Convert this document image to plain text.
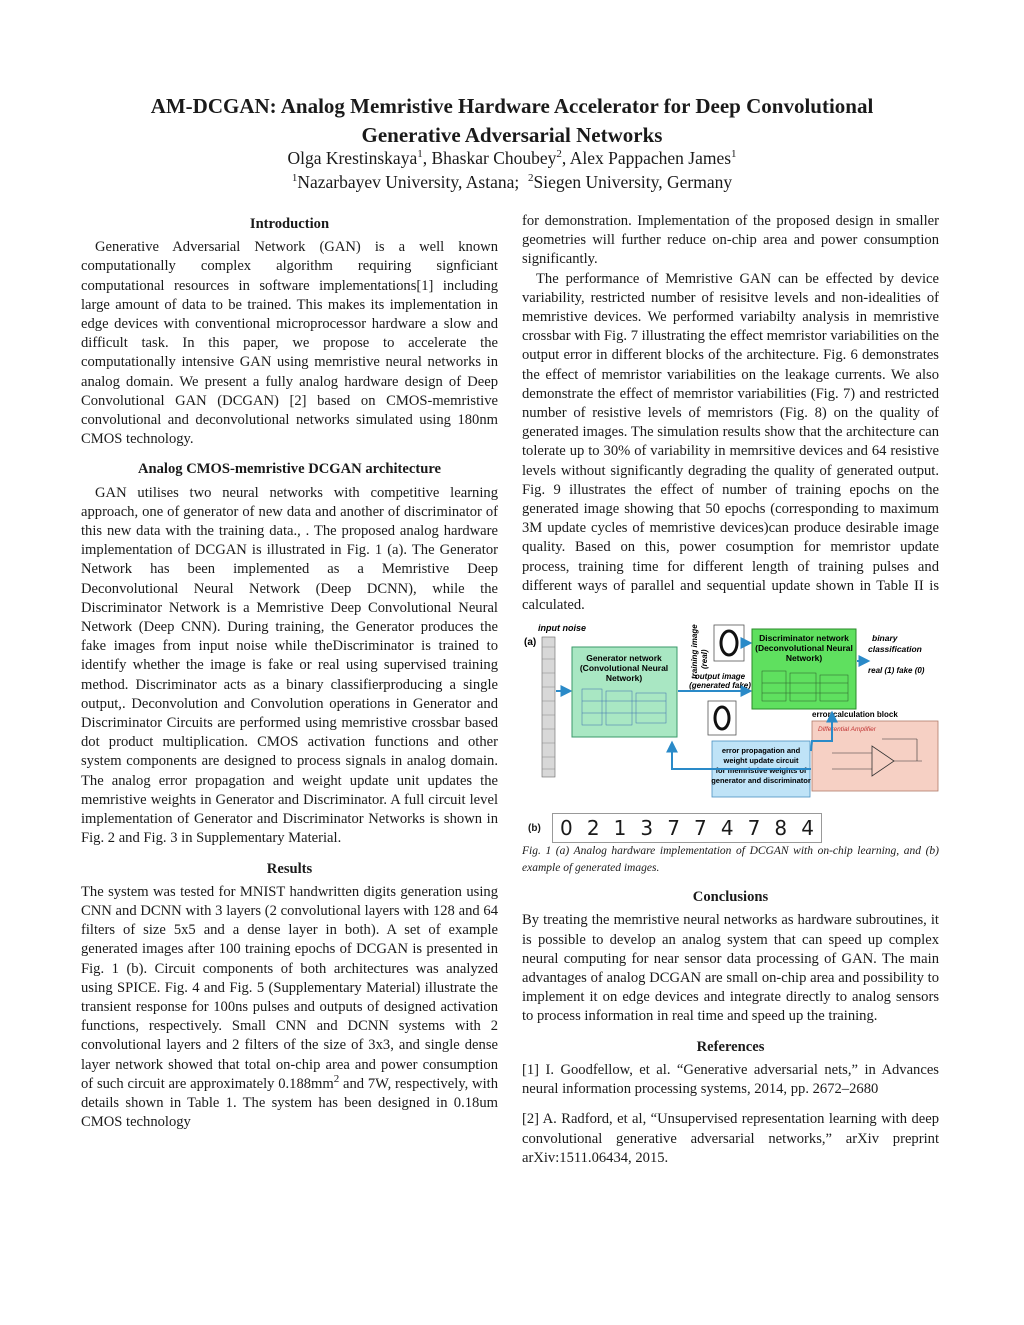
AM-DCGAN: Analog Memristive Hardware Accelerator for Deep Convolutional
Generative Adversarial Networks
Olga Krestinskaya$^1$, Bhaskar Choubey$^2$, Alex Pappachen James$^1$
$^1$Nazarbayev University, Astana; $^2$Siegen University, Germany
Introduction

Generative Adversarial Network (GAN) is a well known computationally complex algorithm requiring signficiant computational resources in software implementations[1] including large amount of data to be trained. This makes its implementation in edge devices with conventional microprocessor hardware a slow and difficult task. In this paper, we propose to accelerate the computationally intensive GAN using memristive neural networks in analog domain. We present a fully analog hardware design of Deep Convolutional GAN (DCGAN) [2] based on CMOS-memristive convolutional and deconvolutional networks simulated using 180nm CMOS technology.

Analog CMOS-memristive DCGAN architecture

GAN utilises two neural networks with competitive learning approach, one of generator of new data and another of discriminator of this new data with the training data., . The proposed analog hardware implementation of DCGAN is illustrated in Fig. 1 (a). The Generator Network has been implemented as a Memristive Deep Deconvolutional Neural Network (Deep DCNN), while the Discriminator Network is a Memristive Deep Convolutional Neural Network (Deep CNN). During training, the Generator produces the fake images from input noise while theDiscriminator is trained to identify whether the image is fake or real using supervised training method. Discriminator acts as a binary classifierproducing a single output,. Deconvolution and Convolution operations in Generator and Discriminator Circuits are performed using memristive crossbar based dot product multiplication. CMOS activation functions and other system components are designed to process signals in analog domain. The analog error propagation and weight update unit updates the memristive weights in Generator and Discriminator. A full circuit level implementation of Generator and Discriminator Networks is shown in Fig. 2 and Fig. 3 in Supplementary Material.

Results

The system was tested for MNIST handwritten digits generation using CNN and DCNN with 3 layers (2 convolutional layers with 128 and 64 filters of size 5x5 and a dense layer in both). A set of example generated images after 100 training epochs of DCGAN is presented in Fig. 1 (b). Circuit components of both architectures was analyzed using SPICE. Fig. 4 and Fig. 5 (Supplementary Material) illustrate the transient response for 100ns pulses and outputs of designed activation functions, respectively. Small CNN and DCNN systems with 2 convolutional layers and 2 filters of the size of 3x3, and single dense layer network showed that total on-chip area and power consumption of such circuit are approximately $0.188mm^2$ and 7W, respectively, with details shown in Table 1. The system has been designed in 0.18um CMOS technology

for demonstration. Implementation of the proposed design in smaller geometries will further reduce on-chip area and power consumption significantly.

The performance of Memristive GAN can be effected by device variability, restricted number of resisitve levels and non-idealities of memristive devices. We performed variabilty analysis in memristive crossbar with Fig. 7 illustrating the effect memristor variabilities on the output error in different blocks of the architecture. Fig. 6 demonstrates the effect of memristor variabilities on the leakage currents. We also demonstrate the effect of memristor variabilities (Fig. 7) and restricted number of resistive levels of memristors (Fig. 8) on the quality of generated images. The simulation results show that the architecture can tolerate up to 30% of variability in memrsitive devices and 64 resistive levels without significantly degrading the quality of generated output. Fig. 9 illustrates the effect of number of training epochs on the generated image showing that 50 epochs (corresponding to maximum 3M update cycles of memristive devices)can produce desirable image quality. Based on this, power cosumption for memristor update process, training time for different length of training pulses and different ways of parallel and sequential update shown in Table II is calculated.

(a)
input noise
Generator network
(Convolutional Neural
Network)	training image (real)
output image
(generated fake)
Discriminator network
(Deconvolutional Neural
Network)
binary
classification
real (1) fake (0)
error calculation block
Differential Amplifier
error propagation and
weight update circuit
for memristive weights of
generator and discriminator
(b) 0 2 1 3 7 7 4 7 8 4

Fig. 1 (a) Analog hardware implementation of DCGAN with on-chip learning, and (b) example of generated images.

Conclusions

By treating the memristive neural networks as hardware subroutines, it is possible to develop an analog system that can speed up complex neural computing for near sensor data processing of GAN. The main advantages of analog DCGAN are small on-chip area and possibility to implement it on edge devices and integrate directly to analog sensors to process information in real time and speed up the training.

References

[1] I. Goodfellow, et al. “Generative adversarial nets,” in Advances neural information processing systems, 2014, pp. 2672–2680

[2] A. Radford, et al, “Unsupervised representation learning with deep convolutional generative adversarial networks,” arXiv preprint arXiv:1511.06434, 2015.
